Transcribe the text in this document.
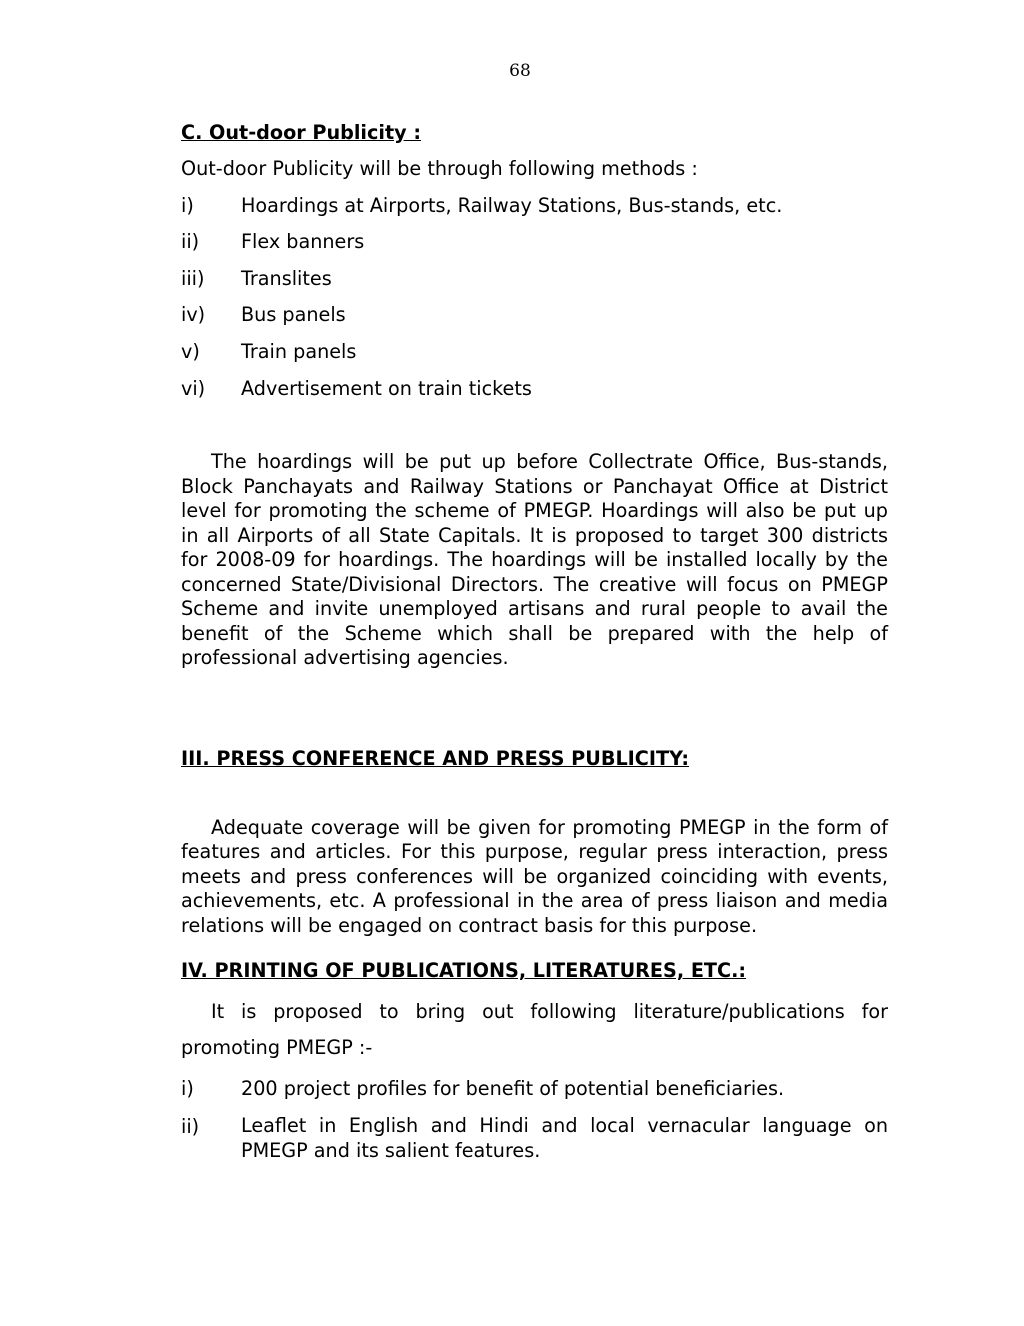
68
C. Out-door Publicity :
Out-door Publicity will be through following methods :
i)	Hoardings at Airports, Railway Stations, Bus-stands, etc.
ii)	Flex banners
iii)	Translites
iv)	Bus panels
v)	Train panels
vi)	Advertisement on train tickets

The hoardings will be put up before Collectrate Office, Bus-stands, Block Panchayats and Railway Stations or Panchayat Office at District level for promoting the scheme of PMEGP. Hoardings will also be put up in all Airports of all State Capitals. It is proposed to target 300 districts for 2008-09 for hoardings. The hoardings will be installed locally by the concerned State/Divisional Directors. The creative will focus on PMEGP Scheme and invite unemployed artisans and rural people to avail the benefit of the Scheme which shall be prepared with the help of professional advertising agencies.

III. PRESS CONFERENCE AND PRESS PUBLICITY:

Adequate coverage will be given for promoting PMEGP in the form of features and articles. For this purpose, regular press interaction, press meets and press conferences will be organized coinciding with events, achievements, etc. A professional in the area of press liaison and media relations will be engaged on contract basis for this purpose.

IV. PRINTING OF PUBLICATIONS, LITERATURES, ETC.:

It is proposed to bring out following literature/publications for promoting PMEGP :-

i)	200 project profiles for benefit of potential beneficiaries.
ii)	Leaflet in English and Hindi and local vernacular language on PMEGP and its salient features.
